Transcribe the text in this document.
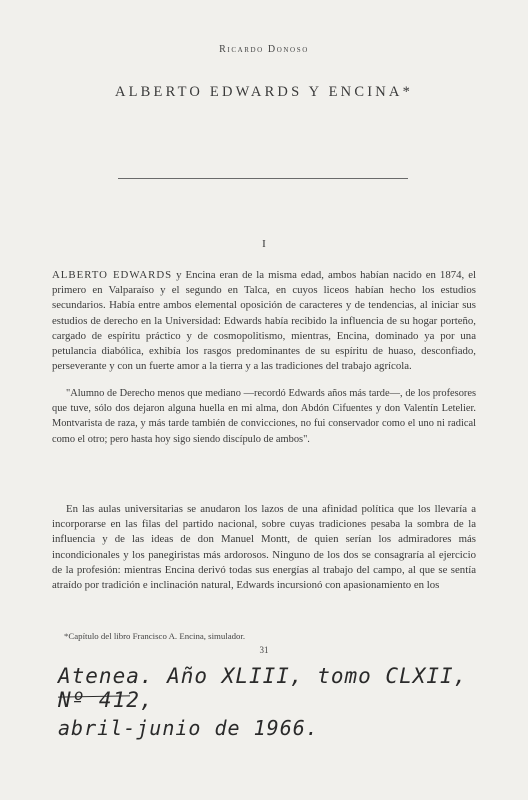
Ricardo Donoso
ALBERTO EDWARDS Y ENCINA*
I

ALBERTO EDWARDS y Encina eran de la misma edad, ambos habían nacido en 1874, el primero en Valparaíso y el segundo en Talca, en cuyos liceos habían hecho los estudios secundarios. Había entre ambos elemental oposición de caracteres y de tendencias, al iniciar sus estudios de derecho en la Universidad: Edwards había recibido la influencia de su hogar porteño, cargado de espíritu práctico y de cosmopolitismo, mientras, Encina, dominado ya por una petulancia diabólica, exhibía los rasgos predominantes de su espíritu de huaso, desconfiado, perseverante y con un fuerte amor a la tierra y a las tradiciones del trabajo agrícola.

"Alumno de Derecho menos que mediano —recordó Edwards años más tarde—, de los profesores que tuve, sólo dos dejaron alguna huella en mi alma, don Abdón Cifuentes y don Valentín Letelier. Montvarista de raza, y más tarde también de convicciones, no fui conservador como el uno ni radical como el otro; pero hasta hoy sigo siendo discípulo de ambos".

En las aulas universitarias se anudaron los lazos de una afinidad política que los llevaría a incorporarse en las filas del partido nacional, sobre cuyas tradiciones pesaba la sombra de la influencia y de las ideas de don Manuel Montt, de quien serían los admiradores más incondicionales y los panegiristas más ardorosos. Ninguno de los dos se consagraría al ejercicio de la profesión: mientras Encina derivó todas sus energías al trabajo del campo, al que se sentía atraído por tradición e inclinación natural, Edwards incursionó con apasionamiento en los

*Capítulo del libro Francisco A. Encina, simulador.
31
Atenea. Año XLIII, tomo CLXII, Nº 412,
abril-junio de 1966.
